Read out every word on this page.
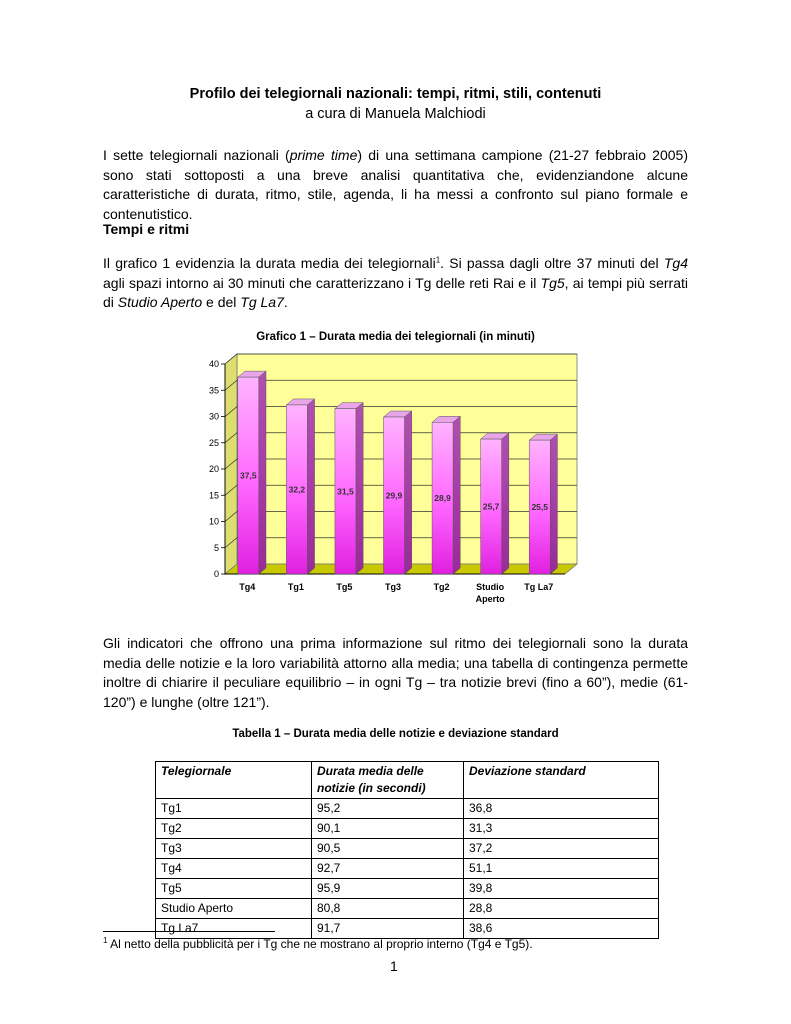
Profilo dei telegiornali nazionali: tempi, ritmi, stili, contenuti
a cura di Manuela Malchiodi

I sette telegiornali nazionali (prime time) di una settimana campione (21-27 febbraio 2005) sono stati sottoposti a una breve analisi quantitativa che, evidenziandone alcune caratteristiche di durata, ritmo, stile, agenda, li ha messi a confronto sul piano formale e contenutistico.

Tempi e ritmi

Il grafico 1 evidenzia la durata media dei telegiornali$^1$. Si passa dagli oltre 37 minuti del Tg4 agli spazi intorno ai 30 minuti che caratterizzano i Tg delle reti Rai e il Tg5, ai tempi più serrati di Studio Aperto e del Tg La7.

Grafico 1 – Durata media dei telegiornali (in minuti)
0
5
10
15
20
25
30
35
40
37,5
Tg4
32,2
Tg1
31,5
Tg5
29,9
Tg3
28,9
Tg2
25,7
Studio
Aperto
25,5
Tg La7

Gli indicatori che offrono una prima informazione sul ritmo dei telegiornali sono la durata media delle notizie e la loro variabilità attorno alla media; una tabella di contingenza permette inoltre di chiarire il peculiare equilibrio – in ogni Tg – tra notizie brevi (fino a 60”), medie (61-120”) e lunghe (oltre 121”).

Tabella 1 – Durata media delle notizie e deviazione standard
Telegiornale	Durata media delle notizie (in secondi)	Deviazione standard
Tg1	95,2	36,8
Tg2	90,1	31,3
Tg3	90,5	37,2
Tg4	92,7	51,1
Tg5	95,9	39,8
Studio Aperto	80,8	28,8
Tg La7	91,7	38,6
$^1$ Al netto della pubblicità per i Tg che ne mostrano al proprio interno (Tg4 e Tg5).
1
